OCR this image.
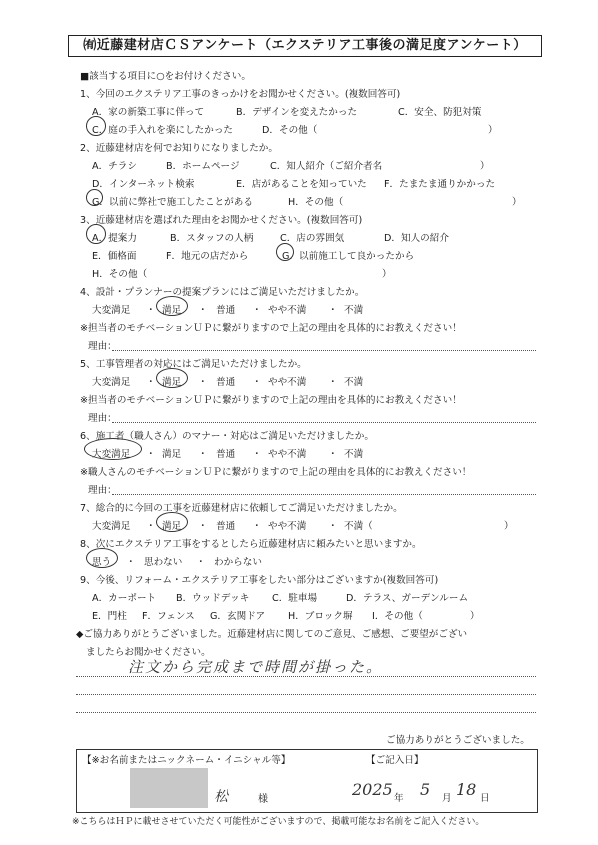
㈲近藤建材店ＣＳアンケート（エクステリア工事後の満足度アンケート）
■該当する項目に○をお付けください。
1、今回のエクステリア工事のきっかけをお聞かせください。(複数回答可)
A．家の新築工事に伴って	B．デザインを変えたかった	C．安全、防犯対策
C．庭の手入れを楽にしたかった	D．その他（	）
2、近藤建材店を何でお知りになりましたか。
A．チラシ	B．ホームページ	C．知人紹介（ご紹介者名	）
D．インターネット検索	E．店があることを知っていた F．たまたま通りかかった
G．以前に弊社で施工したことがある	H．その他（	）
3、近藤建材店を選ばれた理由をお聞かせください。(複数回答可)
A．提案力	B．スタッフの人柄	C．店の雰囲気	D．知人の紹介
E．価格面	F．地元の店だから	G．以前施工して良かったから
H．その他（	）
4、設計・プランナーの提案プランにはご満足いただけましたか。
大変満足 ・ 満足 ・ 普通 ・ やや不満 ・ 不満
※担当者のモチベーションＵＰに繋がりますので上記の理由を具体的にお教えください！
理由：
5、工事管理者の対応にはご満足いただけましたか。
大変満足 ・ 満足 ・ 普通 ・ やや不満 ・ 不満
※担当者のモチベーションＵＰに繋がりますので上記の理由を具体的にお教えください！
理由：
6、施工者（職人さん）のマナー・対応はご満足いただけましたか。
大変満足 ・ 満足 ・ 普通 ・ やや不満 ・ 不満
※職人さんのモチベーションＵＰに繋がりますので上記の理由を具体的にお教えください！
理由：
7、総合的に今回の工事を近藤建材店に依頼してご満足いただけましたか。
大変満足 ・ 満足 ・ 普通 ・ やや不満 ・ 不満（	）
8、次にエクステリア工事をするとしたら近藤建材店に頼みたいと思いますか。
思う ・ 思わない ・ わからない
9、今後、リフォーム・エクステリア工事をしたい部分はございますか(複数回答可)
A．カーポート B．ウッドデッキ C．駐車場	D．テラス、ガーデンルーム
E．門柱 F．フェンス G．玄関ドア H．ブロック塀 I．その他（	）
◆ご協力ありがとうございました。近藤建材店に関してのご意見、ご感想、ご要望がござい
ましたらお聞かせください。
注文から完成まで時間が掛った。
ご協力ありがとうございました。
【※お名前またはニックネーム・イニシャル等】	【ご記入日】
松	様
2025 年 5 月 18 日
※こちらはＨＰに載せさせていただく可能性がございますので、掲載可能なお名前をご記入ください。
